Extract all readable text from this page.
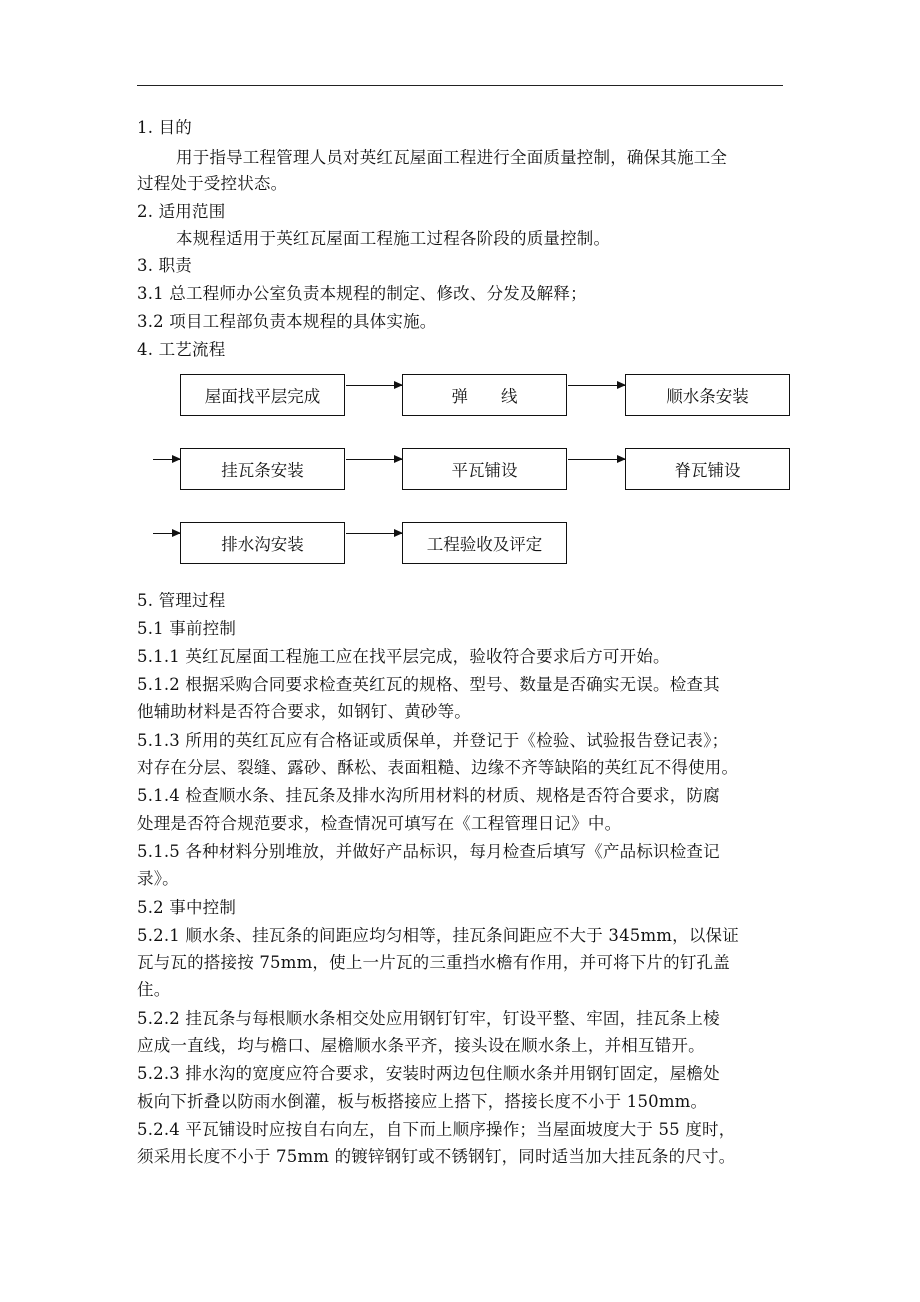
1. 目的
用于指导工程管理人员对英红瓦屋面工程进行全面质量控制，确保其施工全
过程处于受控状态。
2. 适用范围
本规程适用于英红瓦屋面工程施工过程各阶段的质量控制。
3. 职责
3.1 总工程师办公室负责本规程的制定、修改、分发及解释；
3.2 项目工程部负责本规程的具体实施。
4. 工艺流程
屋面找平层完成	弹　　线	顺水条安装
挂瓦条安装	平瓦铺设	脊瓦铺设
排水沟安装	工程验收及评定
5. 管理过程
5.1 事前控制
5.1.1 英红瓦屋面工程施工应在找平层完成，验收符合要求后方可开始。
5.1.2 根据采购合同要求检查英红瓦的规格、型号、数量是否确实无误。检查其
他辅助材料是否符合要求，如钢钉、黄砂等。
5.1.3 所用的英红瓦应有合格证或质保单，并登记于《检验、试验报告登记表》；
对存在分层、裂缝、露砂、酥松、表面粗糙、边缘不齐等缺陷的英红瓦不得使用。
5.1.4 检查顺水条、挂瓦条及排水沟所用材料的材质、规格是否符合要求，防腐
处理是否符合规范要求，检查情况可填写在《工程管理日记》中。
5.1.5 各种材料分别堆放，并做好产品标识，每月检查后填写《产品标识检查记
录》。
5.2 事中控制
5.2.1 顺水条、挂瓦条的间距应均匀相等，挂瓦条间距应不大于 345mm，以保证
瓦与瓦的搭接按 75mm，使上一片瓦的三重挡水檐有作用，并可将下片的钉孔盖
住。
5.2.2 挂瓦条与每根顺水条相交处应用钢钉钉牢，钉设平整、牢固，挂瓦条上棱
应成一直线，均与檐口、屋檐顺水条平齐，接头设在顺水条上，并相互错开。
5.2.3 排水沟的宽度应符合要求，安装时两边包住顺水条并用钢钉固定，屋檐处
板向下折叠以防雨水倒灌，板与板搭接应上搭下，搭接长度不小于 150mm。
5.2.4 平瓦铺设时应按自右向左，自下而上顺序操作；当屋面坡度大于 55 度时，
须采用长度不小于 75mm 的镀锌钢钉或不锈钢钉，同时适当加大挂瓦条的尺寸。
